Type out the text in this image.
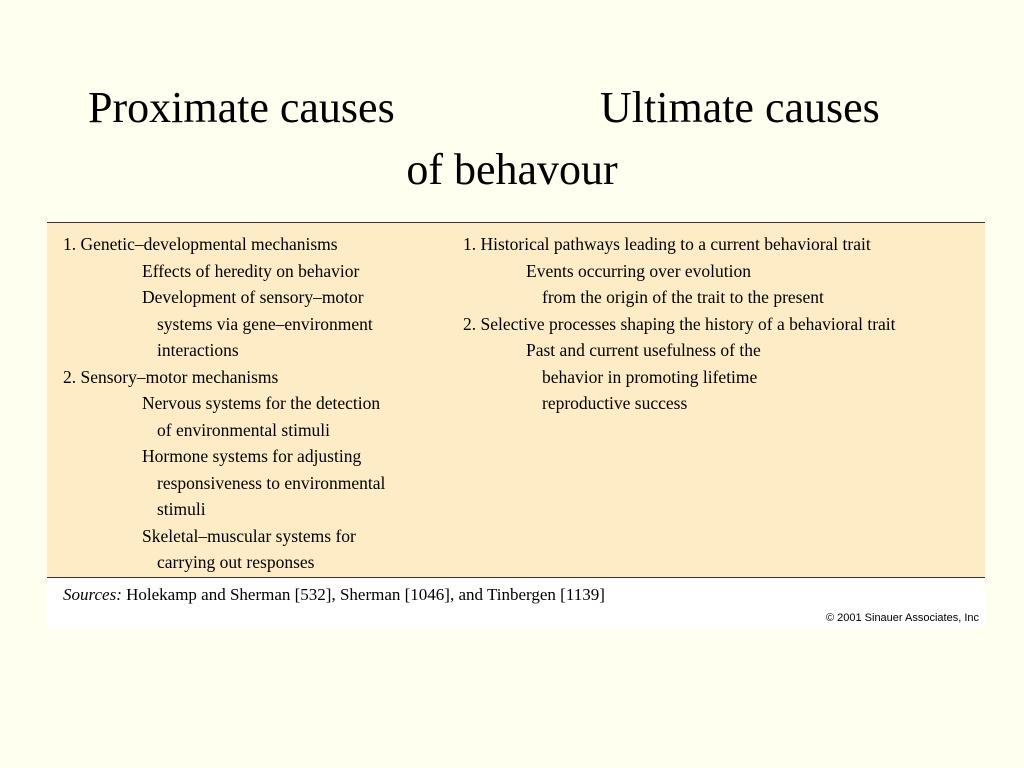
Proximate causes	Ultimate causes
of behavour
1. Genetic–developmental mechanisms
Effects of heredity on behavior
Development of sensory–motor
systems via gene–environment
interactions
2. Sensory–motor mechanisms
Nervous systems for the detection
of environmental stimuli
Hormone systems for adjusting
responsiveness to environmental
stimuli
Skeletal–muscular systems for
carrying out responses
1. Historical pathways leading to a current behavioral trait
Events occurring over evolution
from the origin of the trait to the present
2. Selective processes shaping the history of a behavioral trait
Past and current usefulness of the
behavior in promoting lifetime
reproductive success
Sources: Holekamp and Sherman [532], Sherman [1046], and Tinbergen [1139]
© 2001 Sinauer Associates, Inc
